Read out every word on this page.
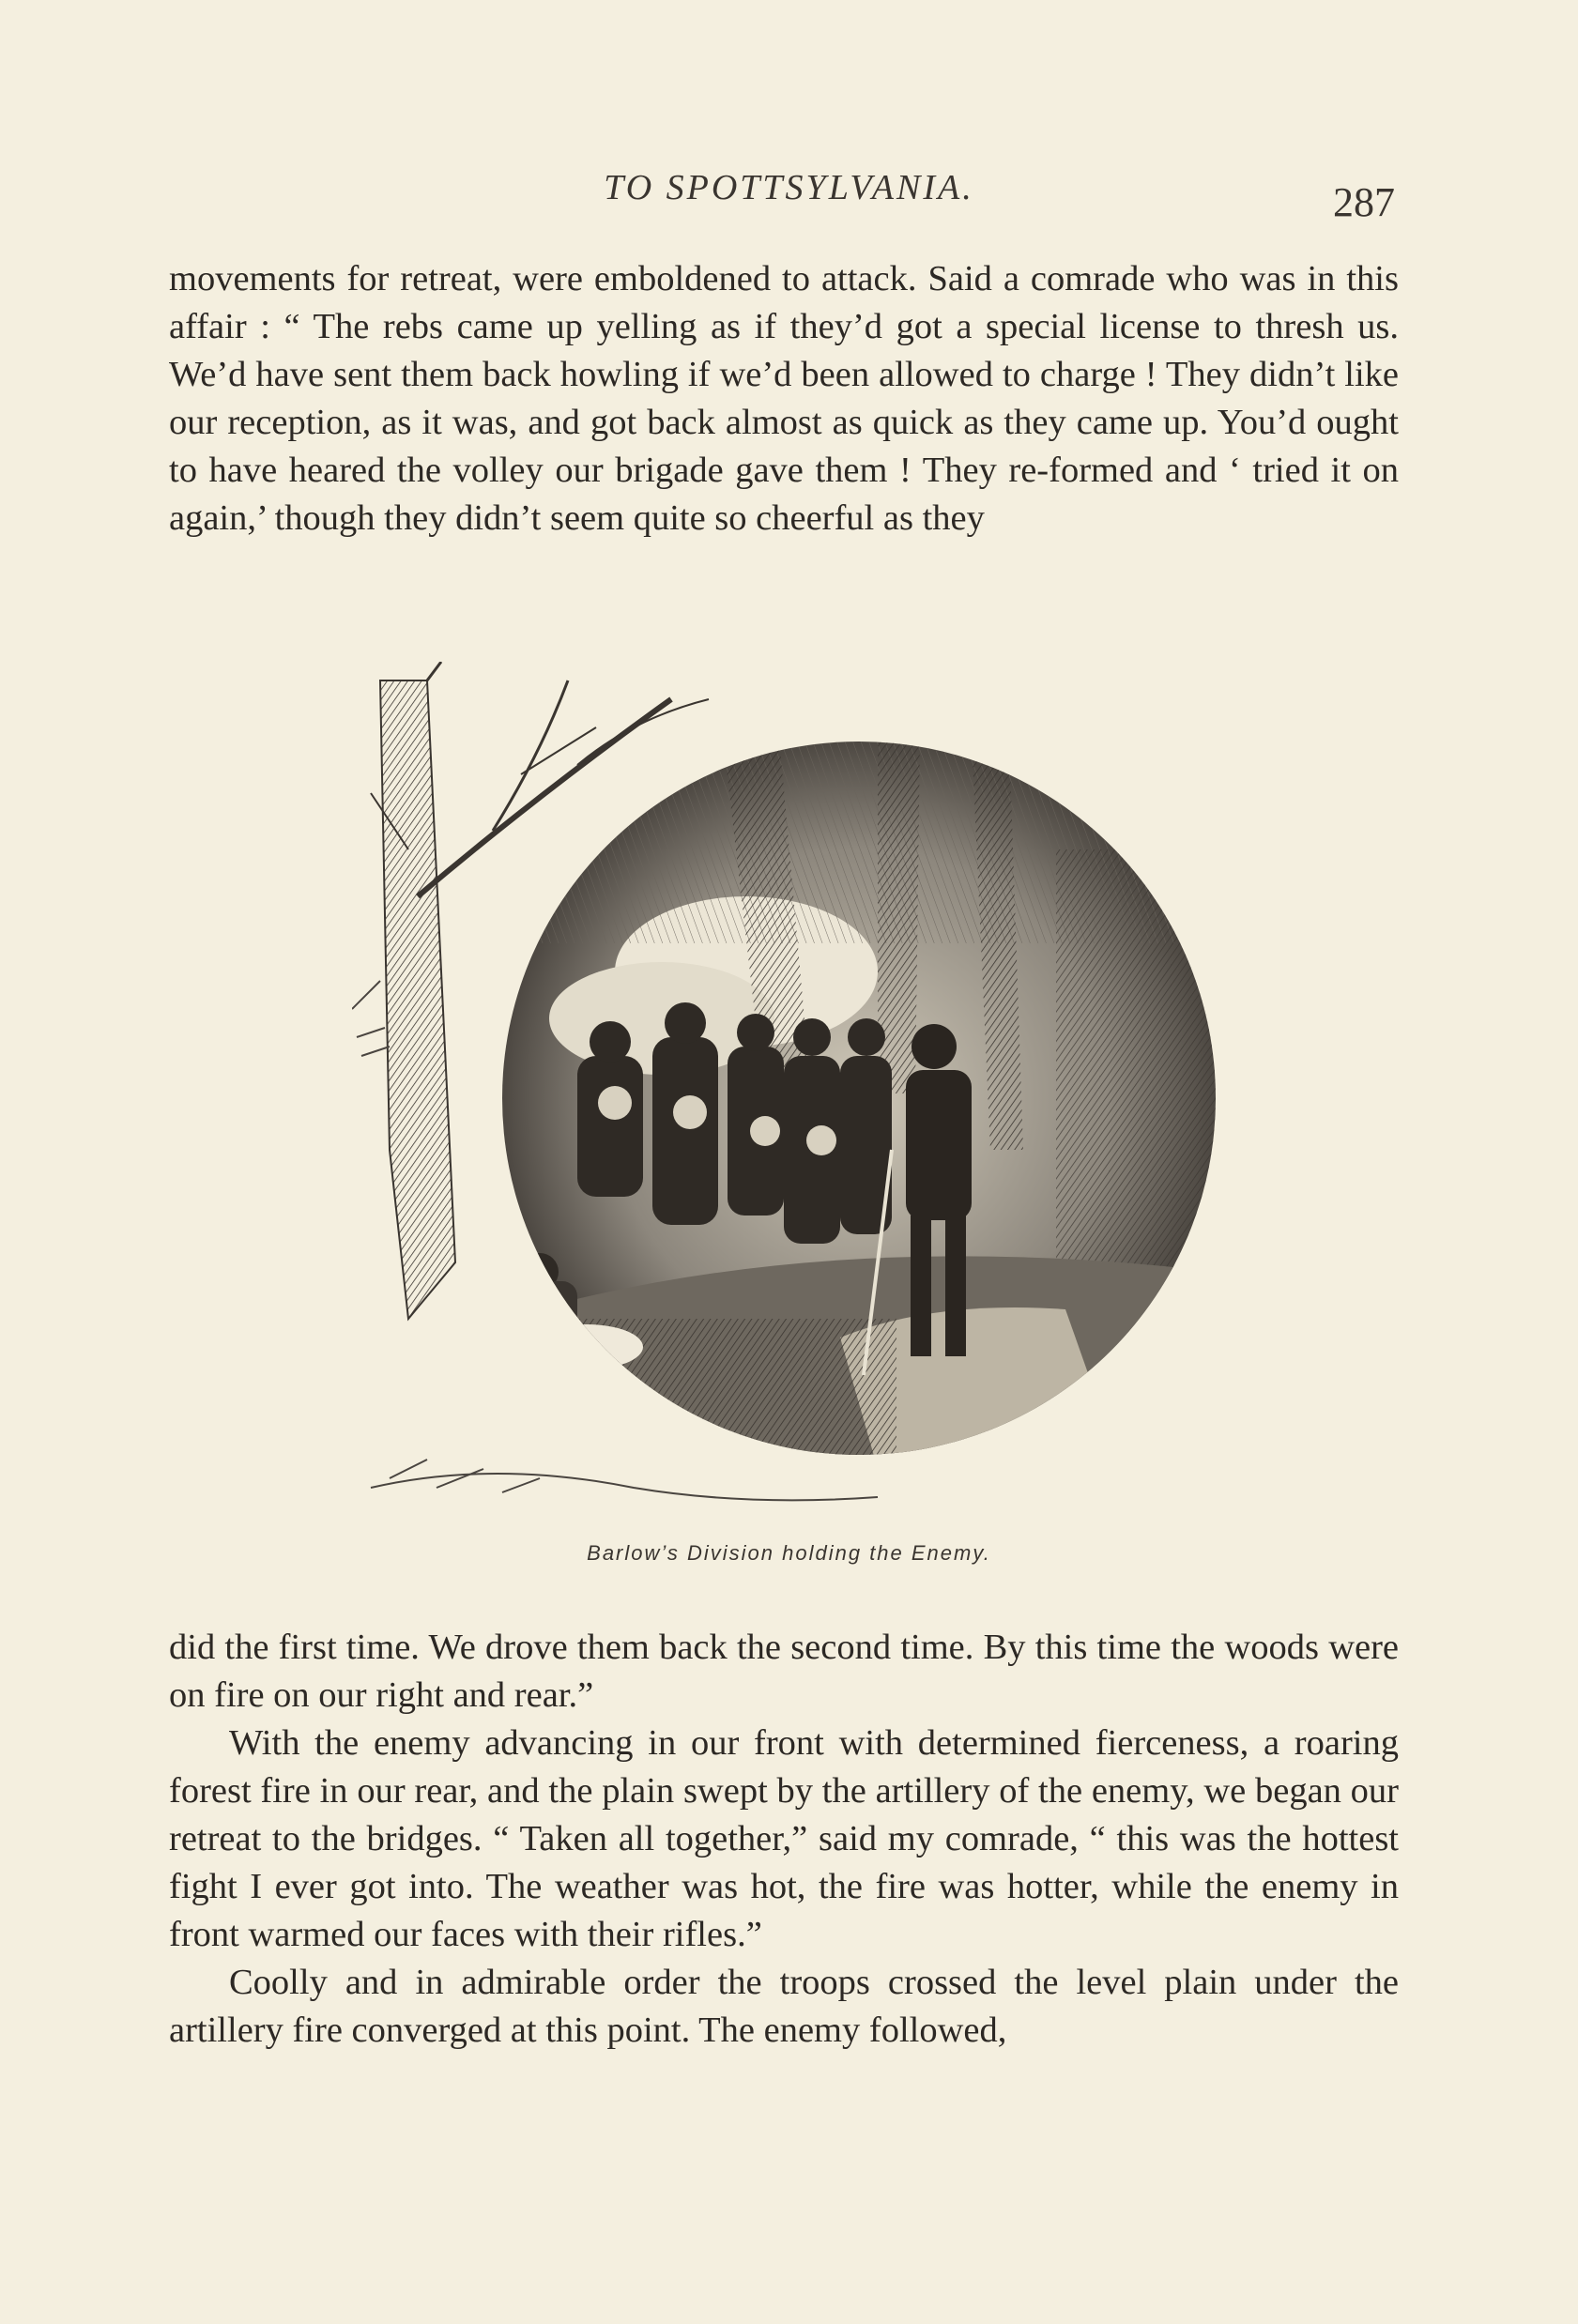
TO SPOTTSYLVANIA.	287

movements for retreat, were emboldened to attack. Said a comrade who was in this affair : “ The rebs came up yelling as if they’d got a special license to thresh us. We’d have sent them back howling if we’d been allowed to charge ! They didn’t like our reception, as it was, and got back almost as quick as they came up. You’d ought to have heared the volley our brigade gave them ! They re-formed and ‘ tried it on again,’ though they didn’t seem quite so cheerful as they

Barlow’s Division holding the Enemy.

did the first time. We drove them back the second time. By this time the woods were on fire on our right and rear.”

With the enemy advancing in our front with determined fierceness, a roaring forest fire in our rear, and the plain swept by the artillery of the enemy, we began our retreat to the bridges. “ Taken all together,” said my comrade, “ this was the hottest fight I ever got into. The weather was hot, the fire was hotter, while the enemy in front warmed our faces with their rifles.”

Coolly and in admirable order the troops crossed the level plain under the artillery fire converged at this point. The enemy followed,
